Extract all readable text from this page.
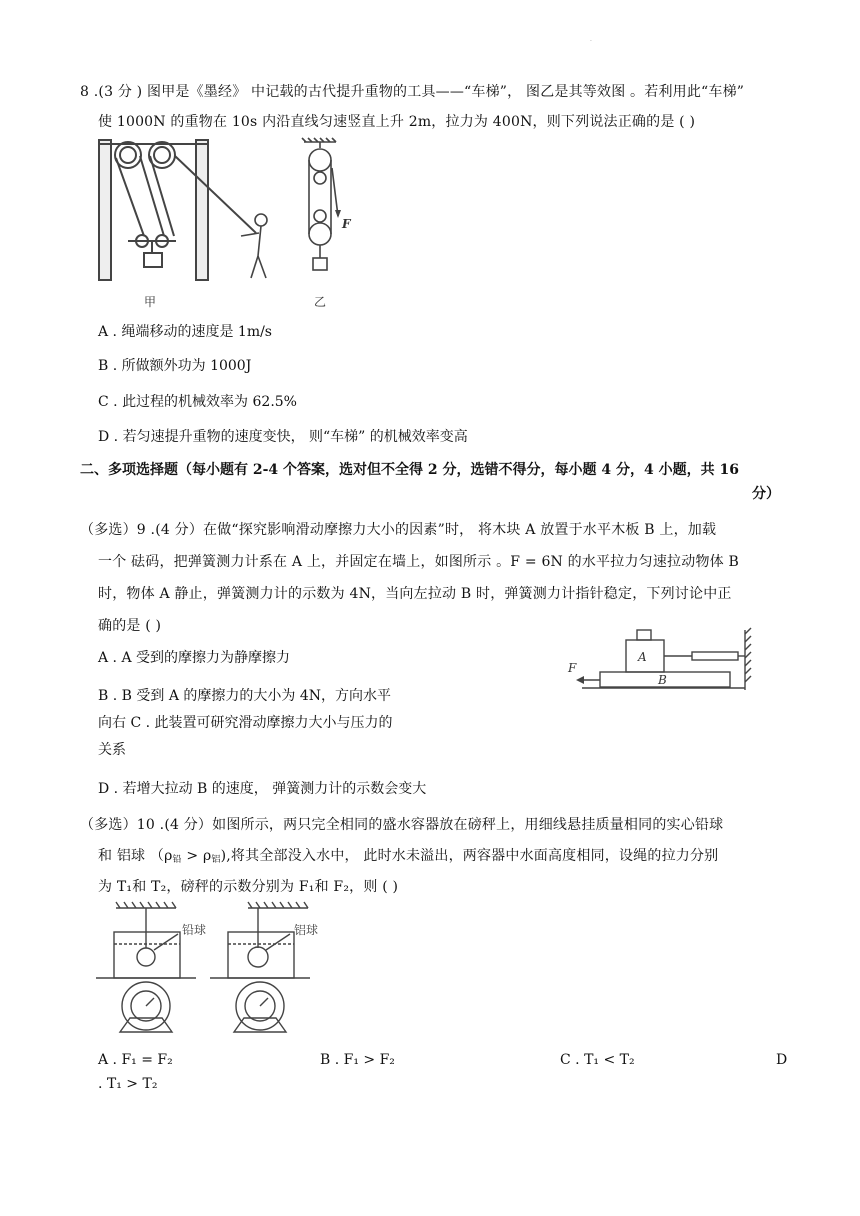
·
8 .(3 分 ) 图甲是《墨经》 中记载的古代提升重物的工具——“车梯”， 图乙是其等效图 。若利用此“车梯”
使 1000N 的重物在 10s 内沿直线匀速竖直上升 2m，拉力为 400N，则下列说法正确的是 ( )
甲
F
乙
A . 绳端移动的速度是 1m/s
B . 所做额外功为 1000J
C . 此过程的机械效率为 62.5%
D . 若匀速提升重物的速度变快， 则“车梯” 的机械效率变高
二、多项选择题（每小题有 2-4 个答案，选对但不全得 2 分，选错不得分，每小题 4 分，4 小题，共 16
分）
（多选）9 .(4 分）在做“探究影响滑动摩擦力大小的因素”时， 将木块 A 放置于水平木板 B 上，加载
一个 砝码，把弹簧测力计系在 A 上，并固定在墙上，如图所示 。F = 6N 的水平拉力匀速拉动物体 B
时，物体 A 静止，弹簧测力计的示数为 4N，当向左拉动 B 时，弹簧测力计指针稳定，下列讨论中正
确的是 ( )
F
A
B
A . A 受到的摩擦力为静摩擦力
B . B 受到 A 的摩擦力的大小为 4N，方向水平
向右 C . 此装置可研究滑动摩擦力大小与压力的
关系
D . 若增大拉动 B 的速度， 弹簧测力计的示数会变大
（多选）10 .(4 分）如图所示，两只完全相同的盛水容器放在磅秤上，用细线悬挂质量相同的实心铅球
和 铝球 $(\rho_铅 > \rho_铝)$,将其全部没入水中， 此时水未溢出，两容器中水面高度相同，设绳的拉力分别
为 T₁和 T₂，磅秤的示数分别为 F₁和 F₂，则 ( )
铅球	铝球
A . F₁ = F₂	B . F₁ > F₂	C . T₁ < T₂	D
. T₁ > T₂
